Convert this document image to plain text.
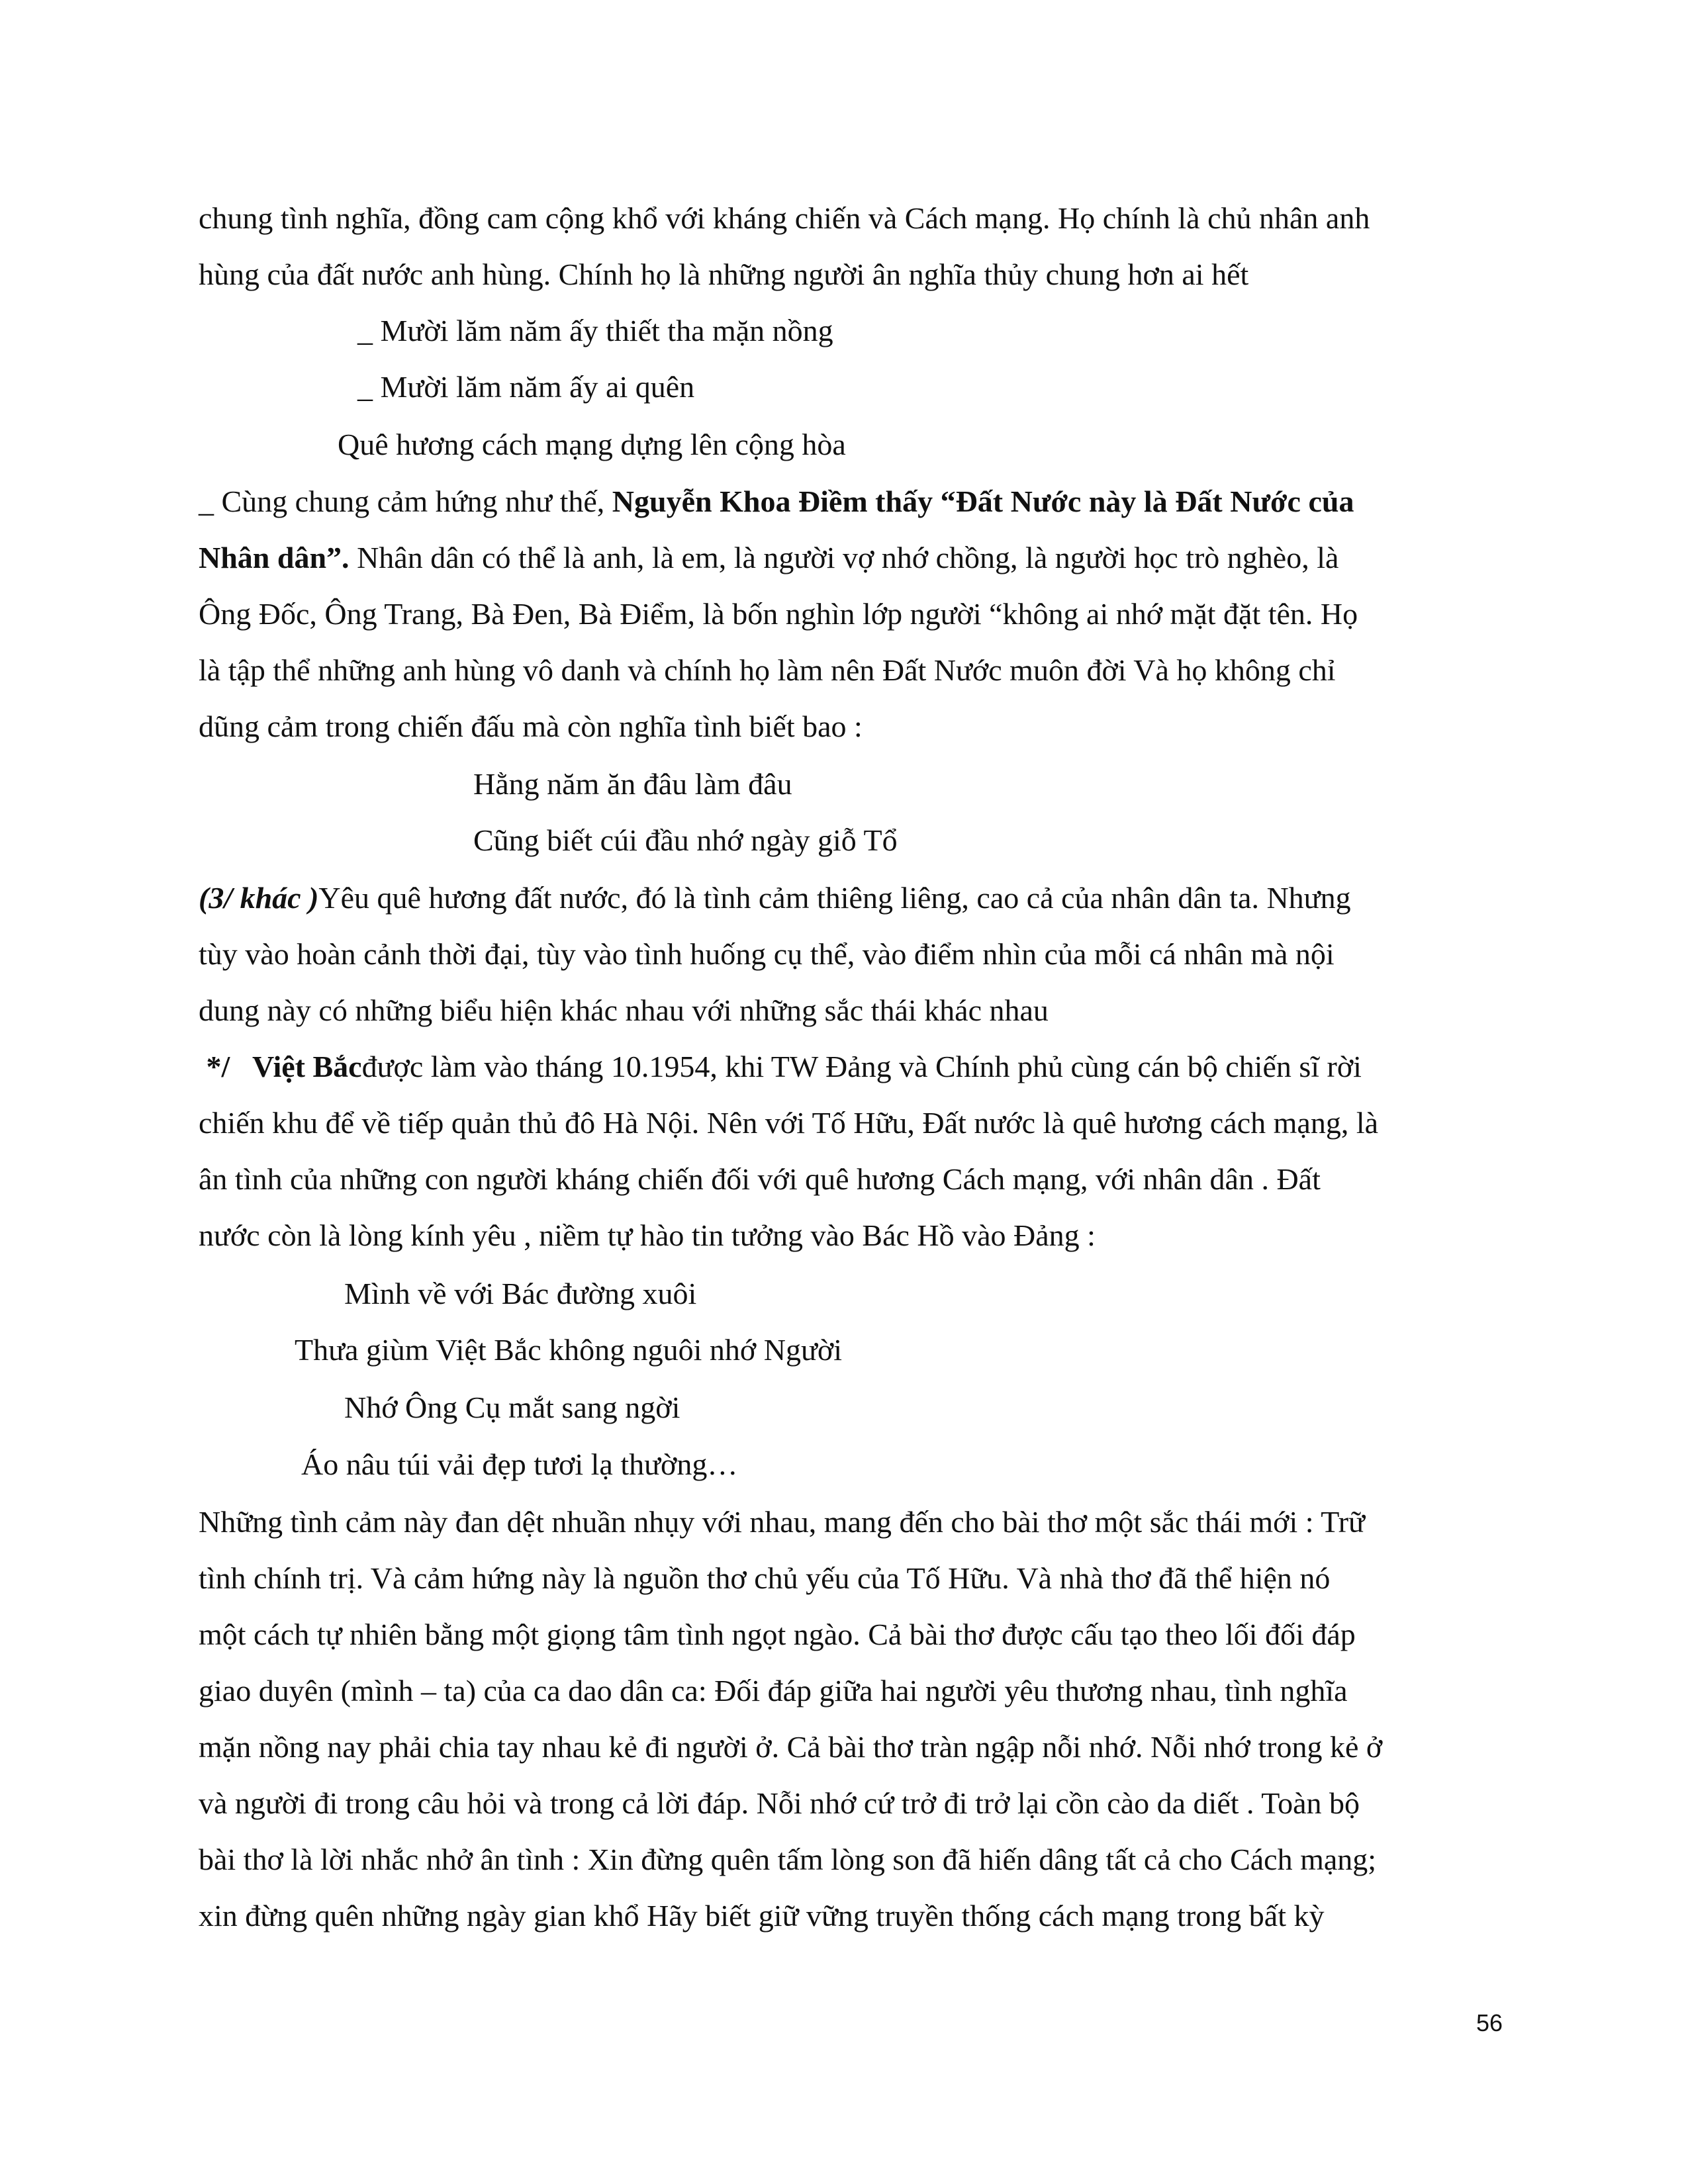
chung tình nghĩa, đồng cam cộng khổ với kháng chiến và Cách mạng. Họ chính là chủ nhân anh
hùng của đất nước anh hùng. Chính họ là những người ân nghĩa thủy chung hơn ai hết
_ Mười lăm năm ấy thiết tha mặn nồng
_ Mười lăm năm ấy ai quên
Quê hương cách mạng dựng lên cộng hòa
_ Cùng chung cảm hứng như thế, Nguyễn Khoa Điềm thấy “Đất Nước này là Đất Nước của
Nhân dân”. Nhân dân có thể là anh, là em, là người vợ nhớ chồng, là người học trò nghèo, là
Ông Đốc, Ông Trang, Bà Đen, Bà Điểm, là bốn nghìn lớp người “không ai nhớ mặt đặt tên. Họ
là tập thể những anh hùng vô danh và chính họ làm nên Đất Nước muôn đời Và họ không chỉ
dũng cảm trong chiến đấu mà còn nghĩa tình biết bao :
Hằng năm ăn đâu làm đâu
Cũng biết cúi đầu nhớ ngày giỗ Tổ
(3/ khác )Yêu quê hương đất nước, đó là tình cảm thiêng liêng, cao cả của nhân dân ta. Nhưng
tùy vào hoàn cảnh thời đại, tùy vào tình huống cụ thể, vào điểm nhìn của mỗi cá nhân mà nội
dung này có những biểu hiện khác nhau với những sắc thái khác nhau
*/   Việt Bắcđược làm vào tháng 10.1954, khi TW Đảng và Chính phủ cùng cán bộ chiến sĩ rời
chiến khu để về tiếp quản thủ đô Hà Nội. Nên với Tố Hữu, Đất nước là quê hương cách mạng, là
ân tình của những con người kháng chiến đối với quê hương Cách mạng, với nhân dân . Đất
nước còn là lòng kính yêu , niềm tự hào tin tưởng vào Bác Hồ vào Đảng :
Mình về với Bác đường xuôi
Thưa giùm Việt Bắc không nguôi nhớ Người
Nhớ Ông Cụ mắt sang ngời
Áo nâu túi vải đẹp tươi lạ thường…
Những tình cảm này đan dệt nhuần nhụy với nhau, mang đến cho bài thơ một sắc thái mới : Trữ
tình chính trị. Và cảm hứng này là nguồn thơ chủ yếu của Tố Hữu. Và nhà thơ đã thể hiện nó
một cách tự nhiên bằng một giọng tâm tình ngọt ngào. Cả bài thơ được cấu tạo theo lối đối đáp
giao duyên (mình – ta) của ca dao dân ca: Đối đáp giữa hai người yêu thương nhau, tình nghĩa
mặn nồng nay phải chia tay nhau kẻ đi người ở. Cả bài thơ tràn ngập nỗi nhớ. Nỗi nhớ trong kẻ ở
và người đi trong câu hỏi và trong cả lời đáp. Nỗi nhớ cứ trở đi trở lại cồn cào da diết . Toàn bộ
bài thơ là lời nhắc nhở ân tình : Xin đừng quên tấm lòng son đã hiến dâng tất cả cho Cách mạng;
xin đừng quên những ngày gian khổ Hãy biết giữ vững truyền thống cách mạng trong bất kỳ
56
